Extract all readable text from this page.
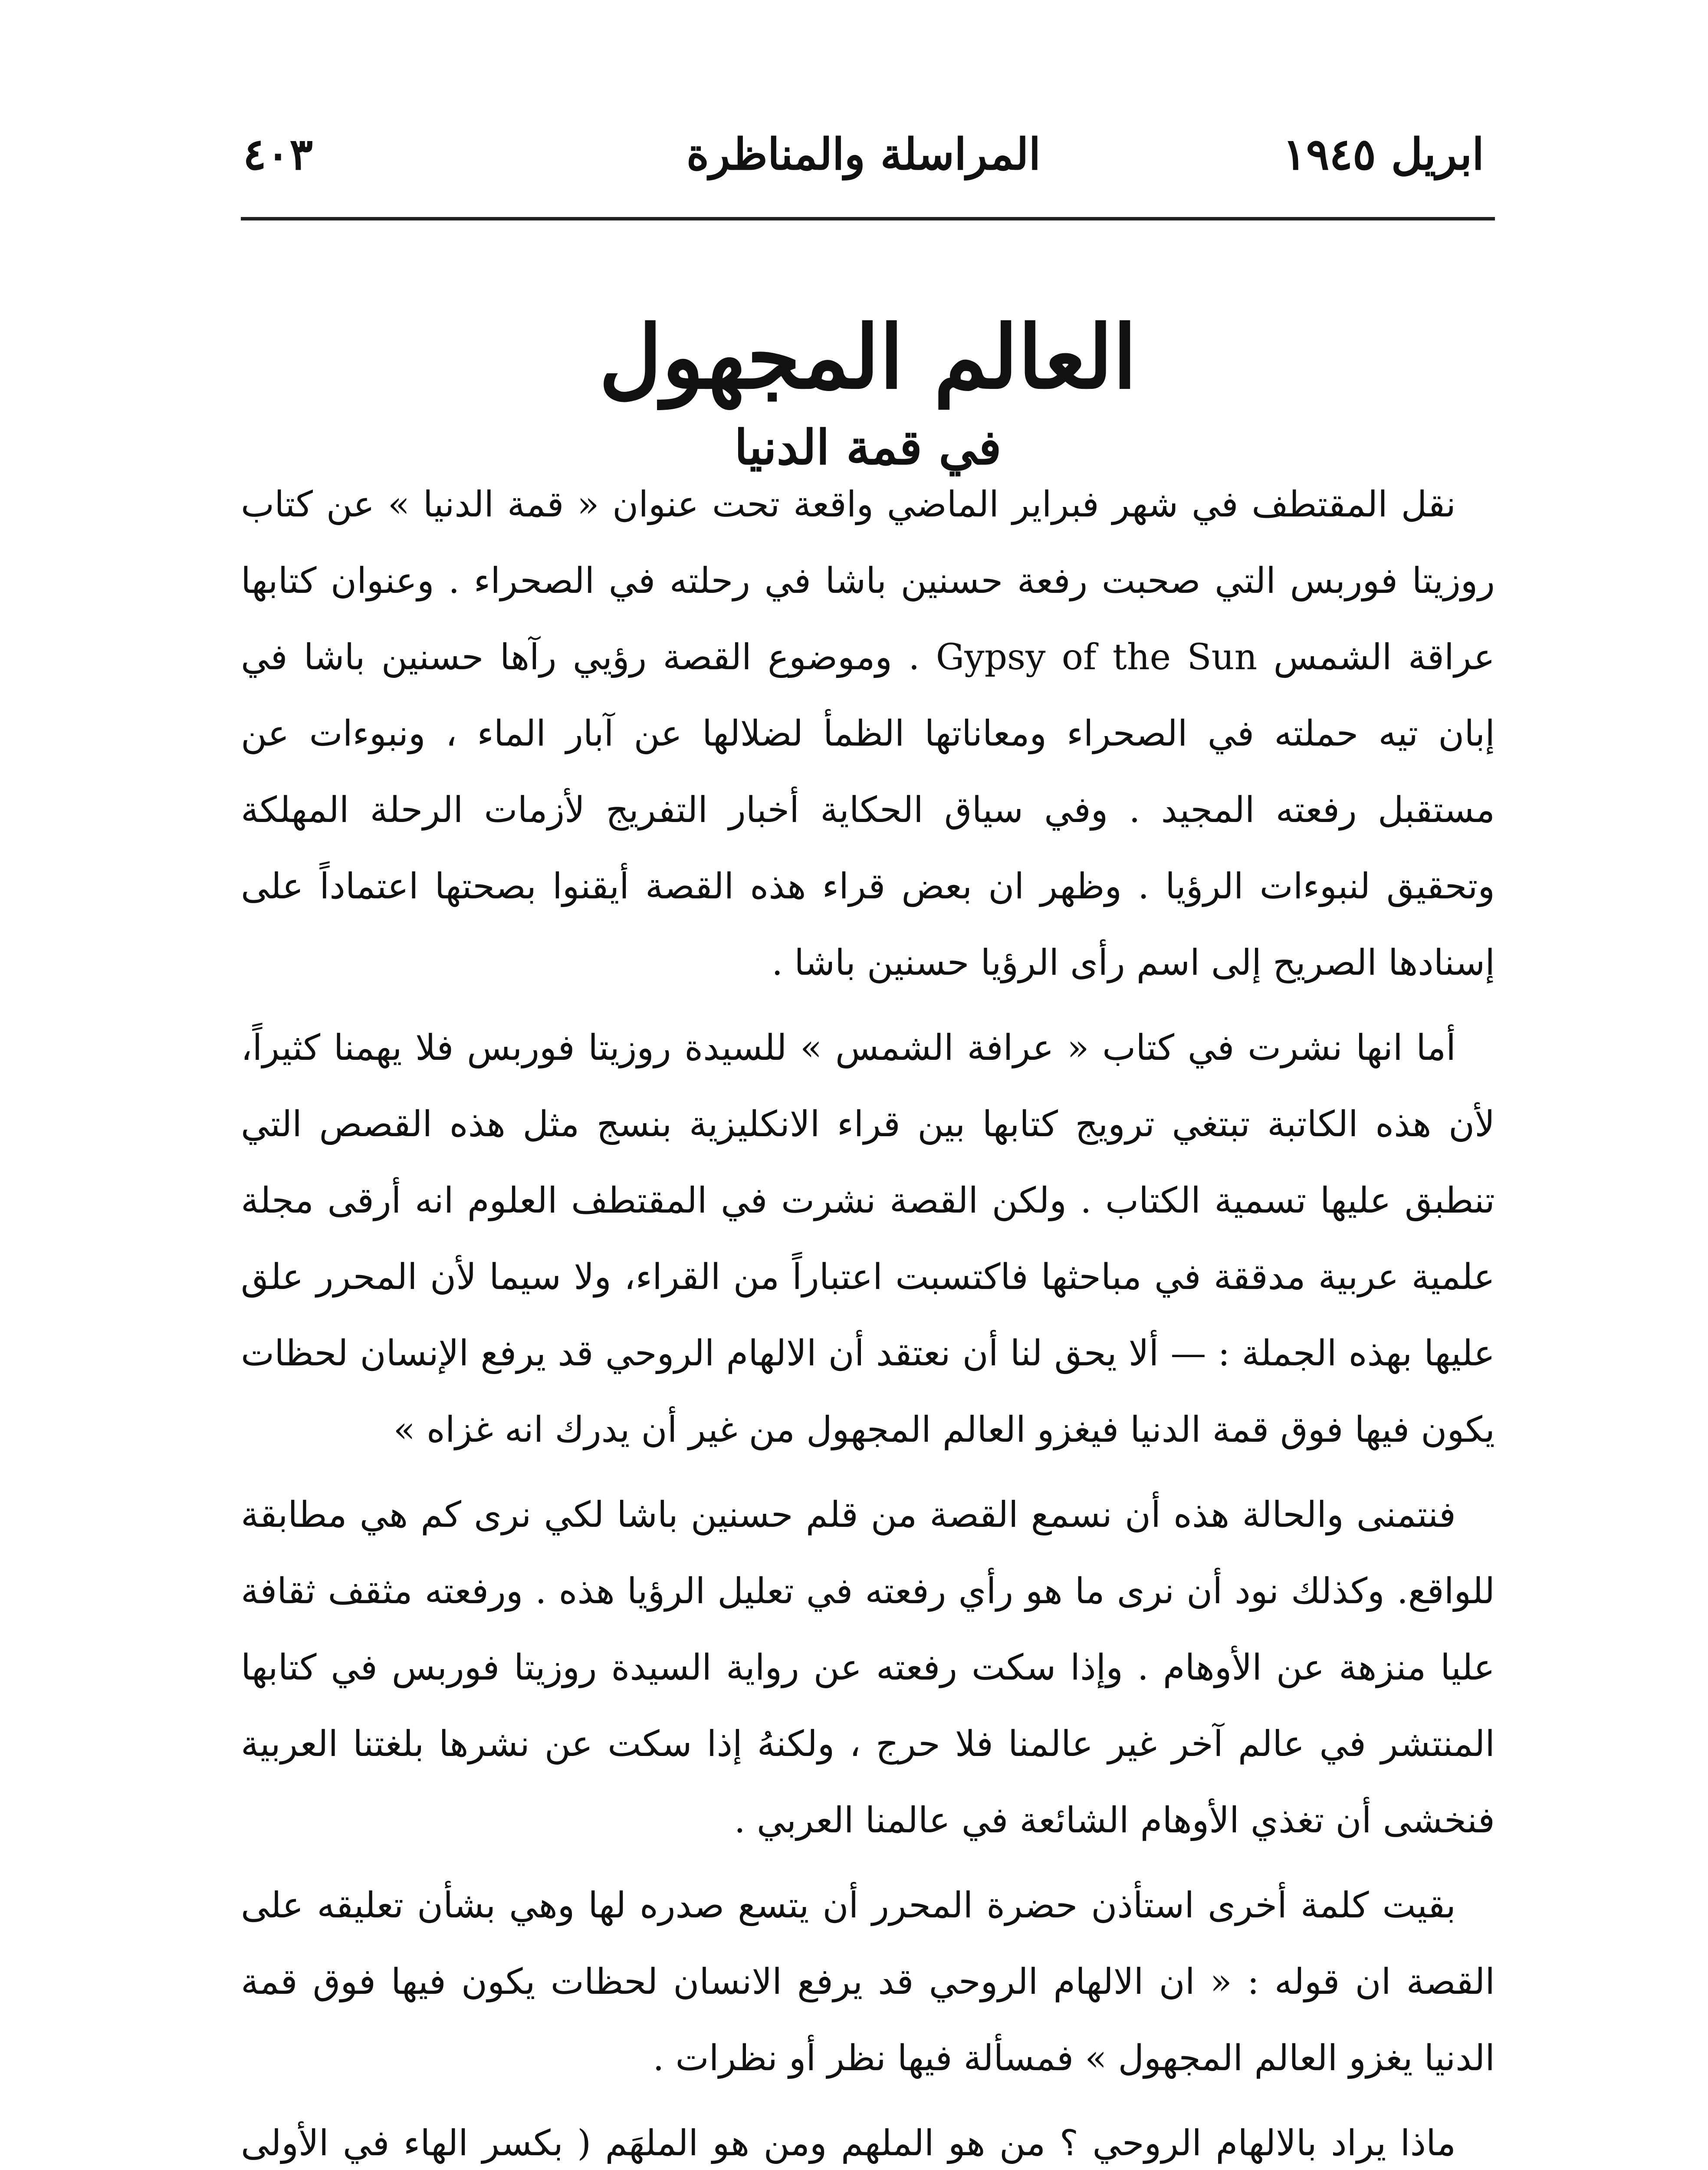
ابريل ١٩٤٥
المراسلة والمناظرة
٤٠٣
العالم المجهول
في قمة الدنيا

نقل المقتطف في شهر فبراير الماضي واقعة تحت عنوان « قمة الدنيا » عن كتاب روزيتا فوربس التي صحبت رفعة حسنين باشا في رحلته في الصحراء . وعنوان كتابها عراقة الشمس Gypsy of the Sun . وموضوع القصة رؤيي رآها حسنين باشا في إبان تيه حملته في الصحراء ومعاناتها الظمأ لضلالها عن آبار الماء ، ونبوءات عن مستقبل رفعته المجيد . وفي سياق الحكاية أخبار التفريج لأزمات الرحلة المهلكة وتحقيق لنبوءات الرؤيا . وظهر ان بعض قراء هذه القصة أيقنوا بصحتها اعتماداً على إسنادها الصريح إلى اسم رأى الرؤيا حسنين باشا .

أما انها نشرت في كتاب « عرافة الشمس » للسيدة روزيتا فوربس فلا يهمنا كثيراً، لأن هذه الكاتبة تبتغي ترويج كتابها بين قراء الانكليزية بنسج مثل هذه القصص التي تنطبق عليها تسمية الكتاب . ولكن القصة نشرت في المقتطف العلوم انه أرقى مجلة علمية عربية مدققة في مباحثها فاكتسبت اعتباراً من القراء، ولا سيما لأن المحرر علق عليها بهذه الجملة : — ألا يحق لنا أن نعتقد أن الالهام الروحي قد يرفع الإنسان لحظات يكون فيها فوق قمة الدنيا فيغزو العالم المجهول من غير أن يدرك انه غزاه »

فنتمنى والحالة هذه أن نسمع القصة من قلم حسنين باشا لكي نرى كم هي مطابقة للواقع. وكذلك نود أن نرى ما هو رأي رفعته في تعليل الرؤيا هذه . ورفعته مثقف ثقافة عليا منزهة عن الأوهام . وإذا سكت رفعته عن رواية السيدة روزيتا فوربس في كتابها المنتشر في عالم آخر غير عالمنا فلا حرج ، ولكنهُ إذا سكت عن نشرها بلغتنا العربية فنخشى أن تغذي الأوهام الشائعة في عالمنا العربي .

بقيت كلمة أخرى استأذن حضرة المحرر أن يتسع صدره لها وهي بشأن تعليقه على القصة ان قوله : « ان الالهام الروحي قد يرفع الانسان لحظات يكون فيها فوق قمة الدنيا يغزو العالم المجهول » فمسألة فيها نظر أو نظرات .

ماذا يراد بالالهام الروحي ؟ من هو الملهم ومن هو الملهَم ( بكسر الهاء في الأولى
